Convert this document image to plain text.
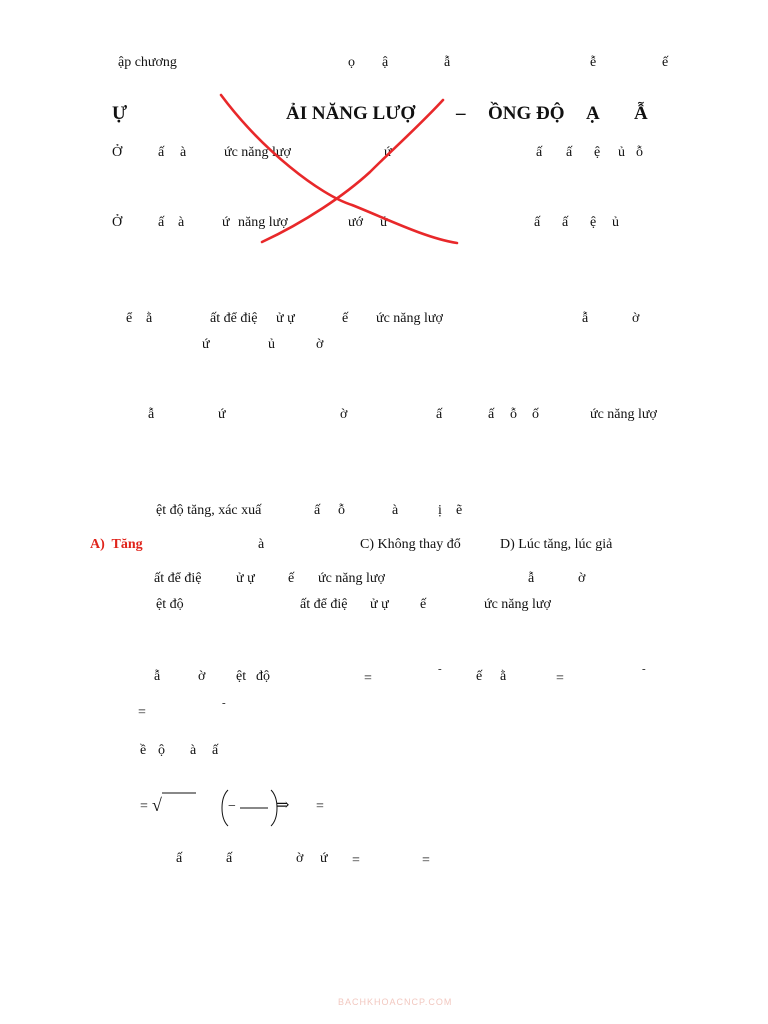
ập chương	ọ ậ	ẫ	ễ	ế
Ự	ẢI NĂNG LƯỢ – ỒNG ĐỘ Ạ Ẫ
Ở	ấ à	ức năng lượ	ứ	ấ ấ ệ ủ ỗ
Ở	ấ à	ứ năng lượ	ướ ứ	ấ ấ ệ ủ
ể ằ	ất để điệ ử ự	ế ức năng lượ	ẫ	ờ
ứ	ủ	ờ
ẫ	ứ	ờ	ấ	ấ ỗ ố	ức năng lượ
ệt độ tăng, xác xuấ	ấ ỗ	à	ị ẽ
A)  Tăng	à	C) Không thay đổ	D) Lúc tăng, lúc giả
ất để điệ ử ự ế ức năng lượ	ẫ	ờ
ệt độ	ất để điệ ử ự ế	ức năng lượ
ẫ	ờ ệt độ	=
- ế ằ	=
-
=
-
ề ộ à ấ
= √	−	⇒ =
ấ	ấ	ờ ứ =	=
BACHKHOACNCP.COM
